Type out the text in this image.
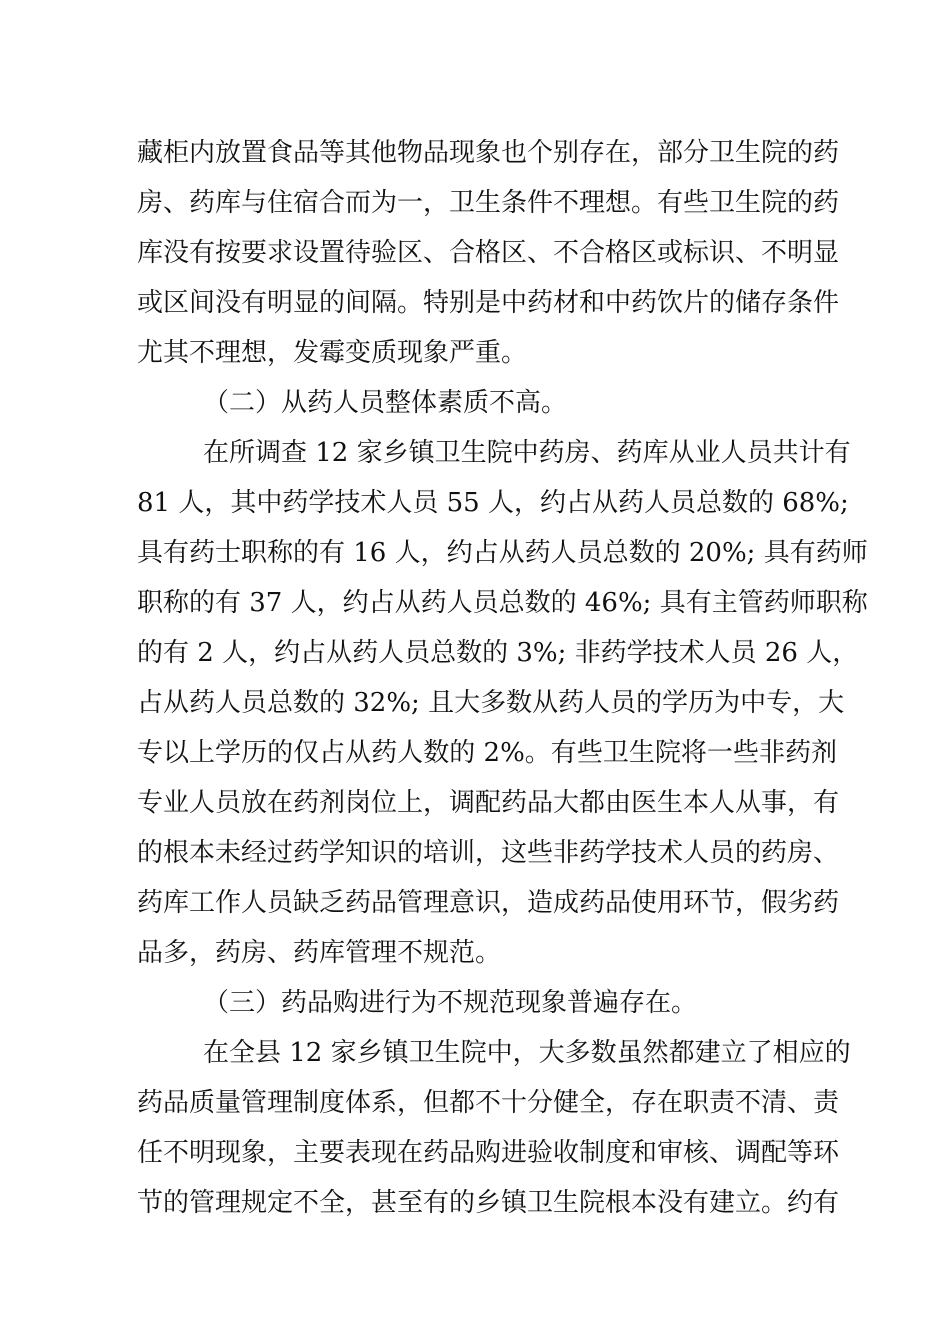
藏柜内放置食品等其他物品现象也个别存在，部分卫生院的药
房、药库与住宿合而为一，卫生条件不理想。有些卫生院的药
库没有按要求设置待验区、合格区、不合格区或标识、不明显
或区间没有明显的间隔。特别是中药材和中药饮片的储存条件
尤其不理想，发霉变质现象严重。
（二）从药人员整体素质不高。
在所调查 12 家乡镇卫生院中药房、药库从业人员共计有
81 人，其中药学技术人员 55 人，约占从药人员总数的 68%;
具有药士职称的有 16 人，约占从药人员总数的 20%; 具有药师
职称的有 37 人，约占从药人员总数的 46%; 具有主管药师职称
的有 2 人，约占从药人员总数的 3%; 非药学技术人员 26 人，
占从药人员总数的 32%; 且大多数从药人员的学历为中专，大
专以上学历的仅占从药人数的 2%。有些卫生院将一些非药剂
专业人员放在药剂岗位上，调配药品大都由医生本人从事，有
的根本未经过药学知识的培训，这些非药学技术人员的药房、
药库工作人员缺乏药品管理意识，造成药品使用环节，假劣药
品多，药房、药库管理不规范。
（三）药品购进行为不规范现象普遍存在。
在全县 12 家乡镇卫生院中，大多数虽然都建立了相应的
药品质量管理制度体系，但都不十分健全，存在职责不清、责
任不明现象，主要表现在药品购进验收制度和审核、调配等环
节的管理规定不全，甚至有的乡镇卫生院根本没有建立。约有
